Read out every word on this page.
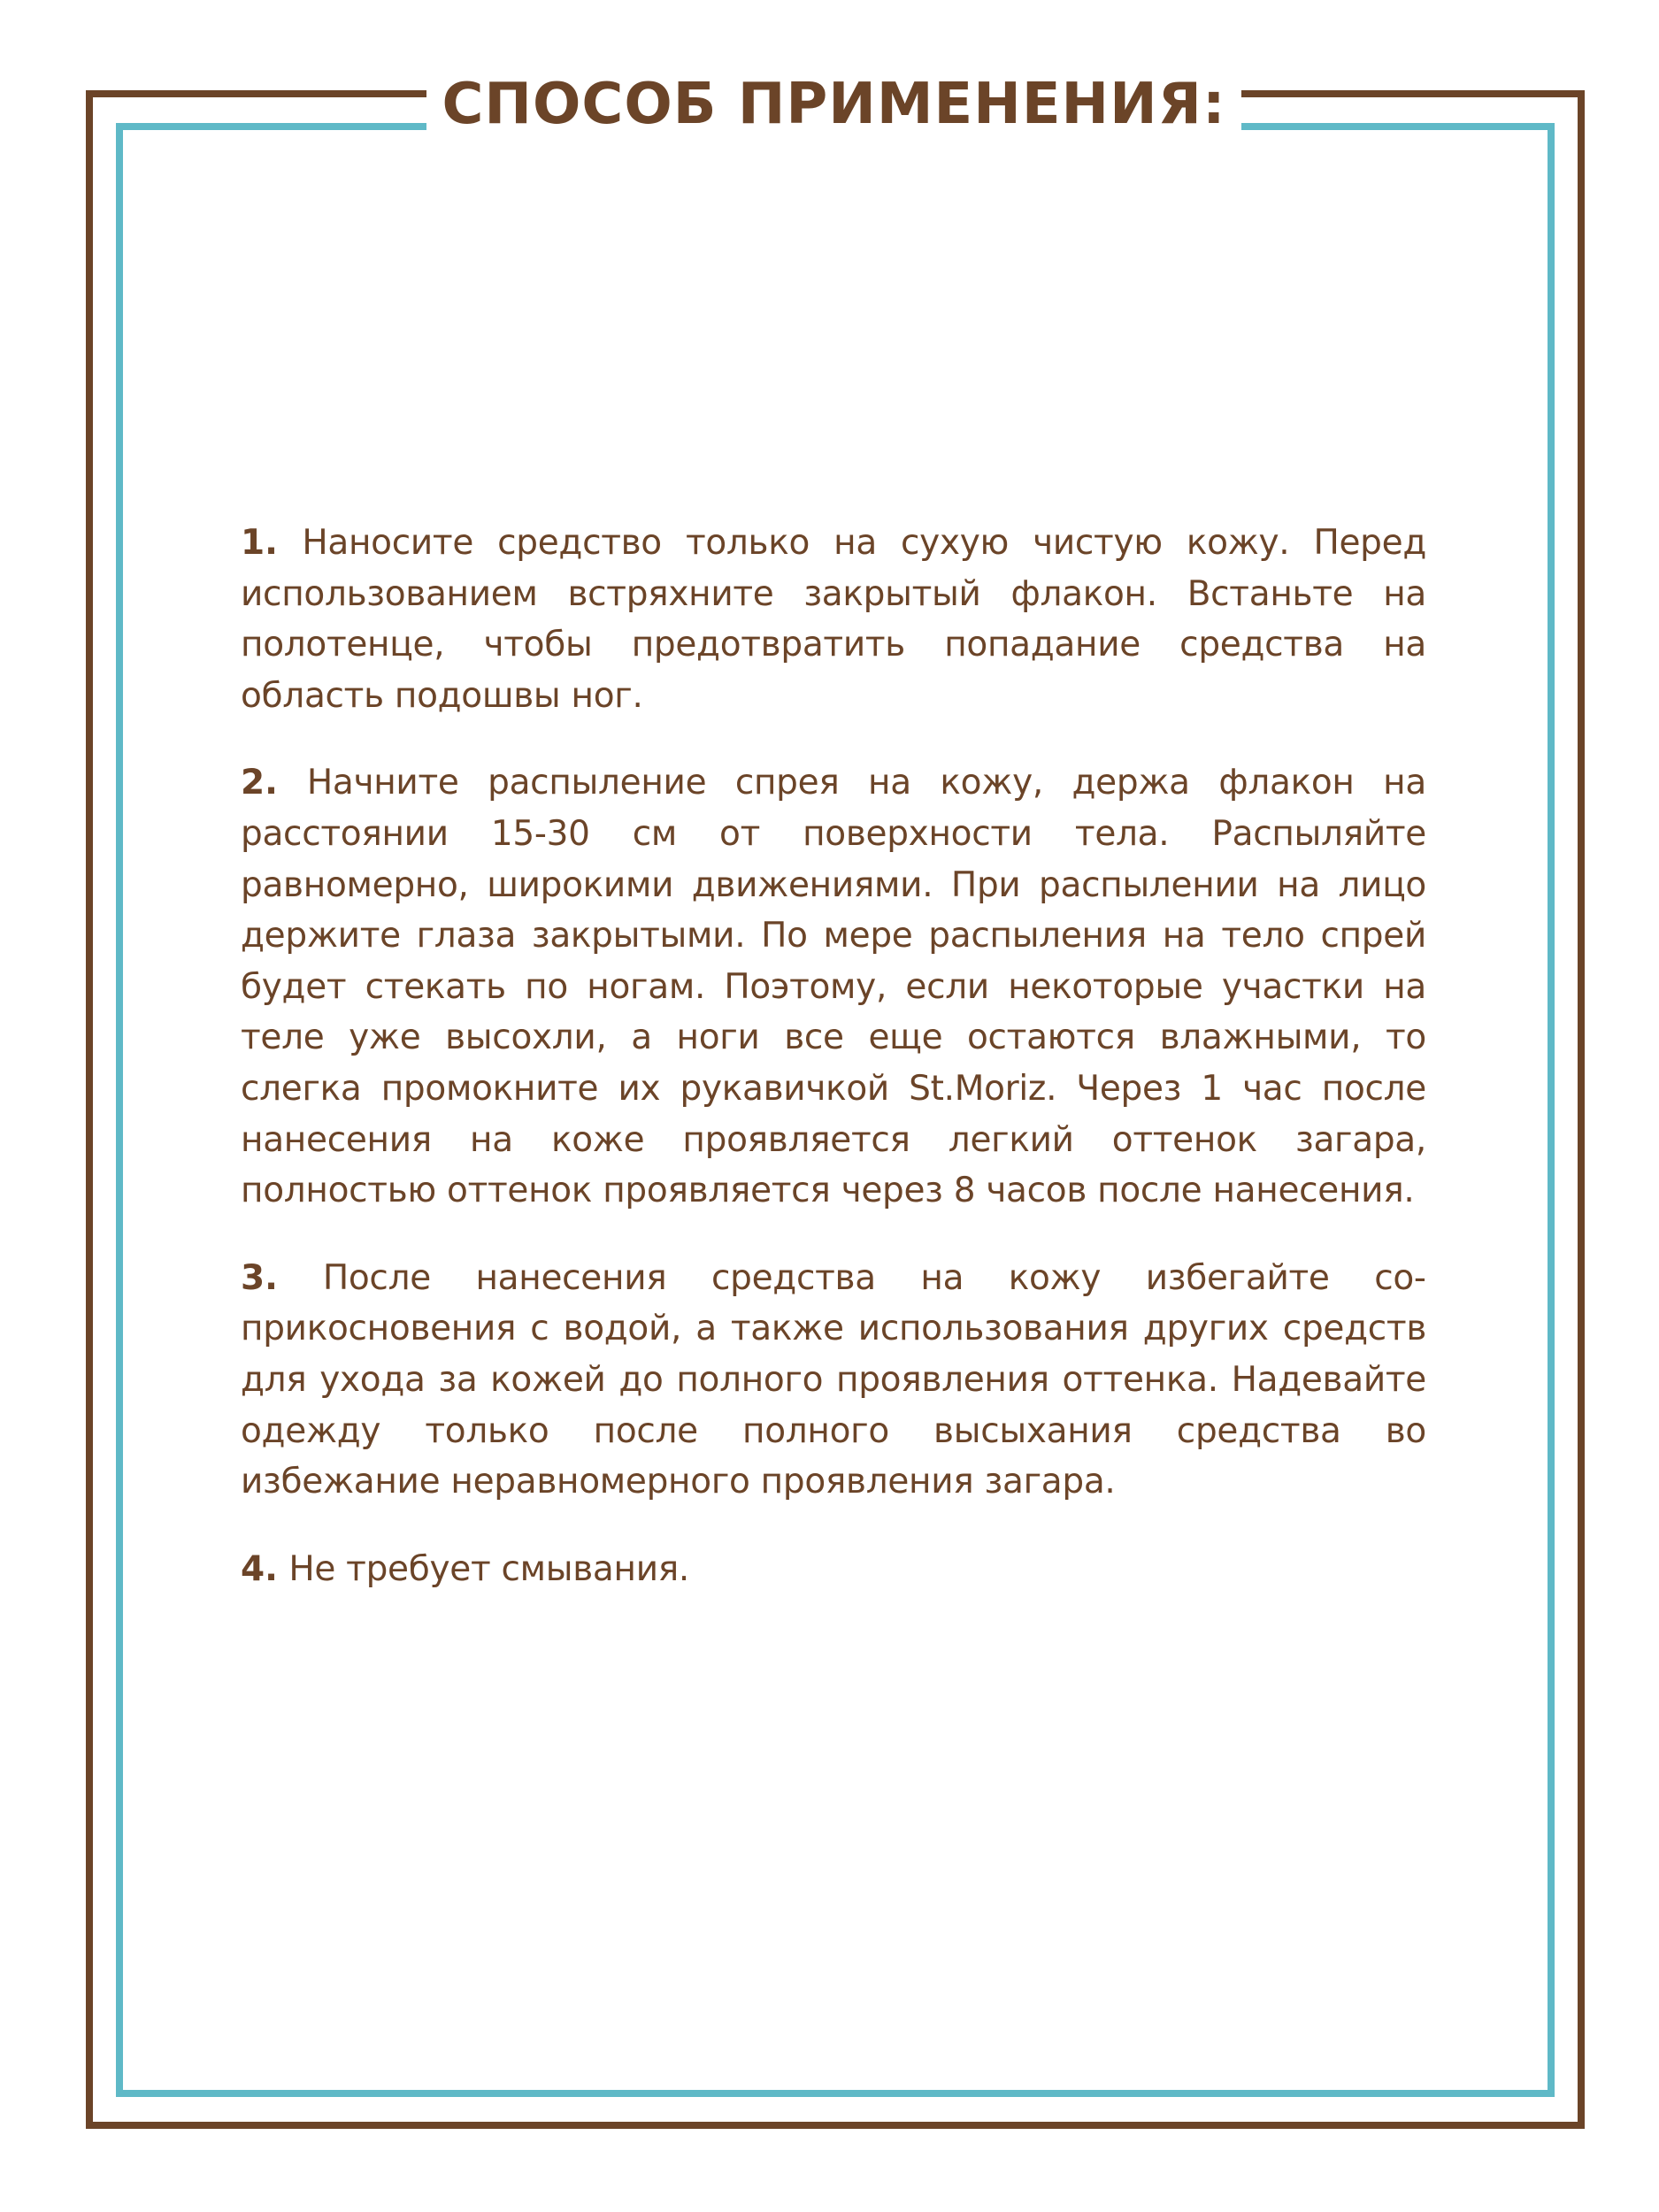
СПОСОБ ПРИМЕНЕНИЯ:

1. Наносите средство только на сухую чистую кожу. Перед использованием встряхните закрытый флакон. Встаньте на полотенце, чтобы предотвратить попадание средства на область подошвы ног.

2. Начните распыление спрея на кожу, держа флакон на расстоянии 15-30 см от поверхности тела. Распыляйте равномерно, широкими движениями. При распылении на лицо держите глаза закрытыми. По мере распыления на тело спрей будет стекать по ногам. Поэтому, если некоторые участки на теле уже высохли, а ноги все еще остаются влажными, то слегка промокните их рукавичкой St.Moriz. Через 1 час после нанесения на коже проявляется легкий оттенок загара, полностью оттенок проявляется через 8 часов после нанесения.

3. После нанесения средства на кожу избегайте соприкосновения с водой, а также использования других средств для ухода за кожей до полного проявления оттенка. Надевайте одежду только после полного высыхания средства во избежание неравномерного проявления загара.

4. Не требует смывания.
